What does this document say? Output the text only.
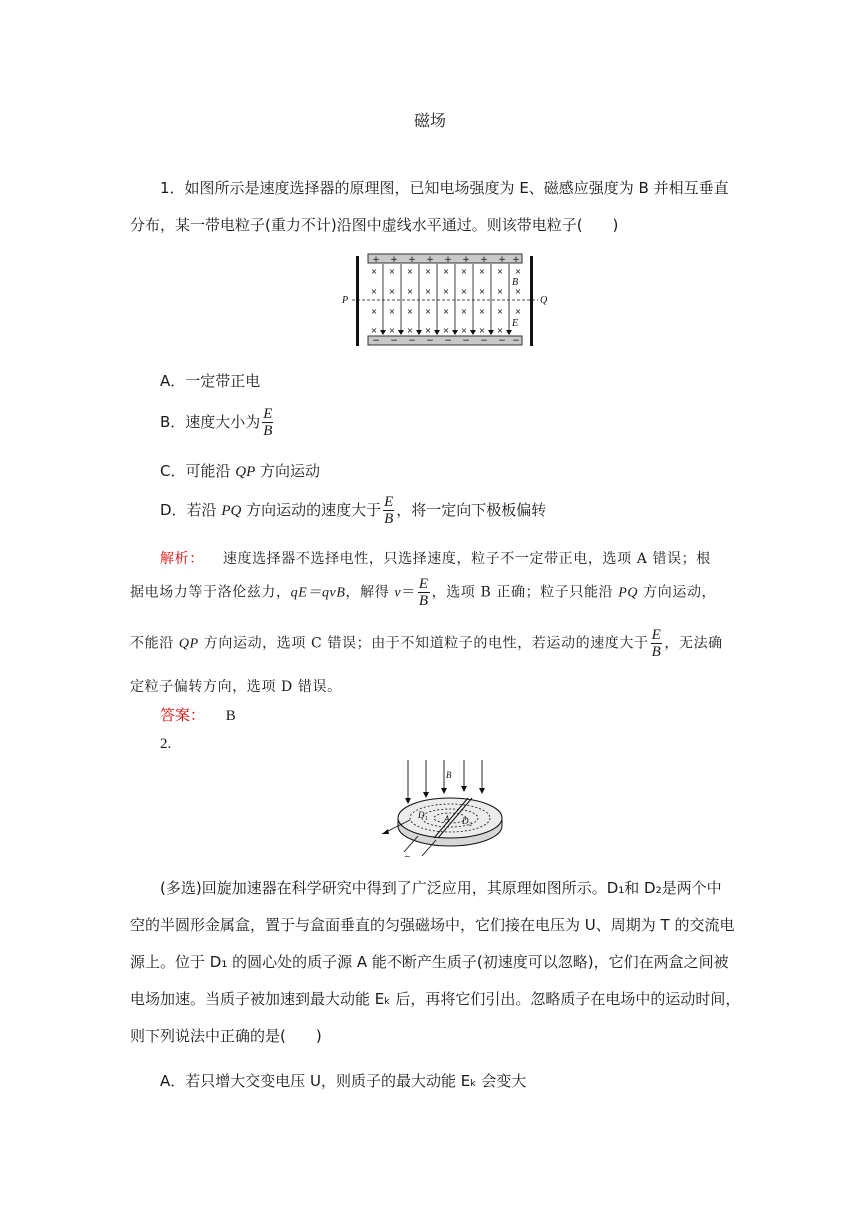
磁场
1．如图所示是速度选择器的原理图，已知电场强度为 E、磁感应强度为 B 并相互垂直
分布，某一带电粒子(重力不计)沿图中虚线水平通过。则该带电粒子(　　)
+ + + + + + + + +
− − − − − − − − −
× × × × × × × × ×
× × × × × × × × ×
× × × × × × × × ×
× × × × × × × ×
P	Q
B
E
A．一定带正电
B．速度大小为 $\frac{E}{B}$
C．可能沿 QP 方向运动
D．若沿 PQ 方向运动的速度大于 $\frac{E}{B}$ ，将一定向下极板偏转
解析： 速度选择器不选择电性，只选择速度，粒子不一定带正电，选项 A 错误；根
据电场力等于洛伦兹力，qE＝qvB，解得 $v= \frac{E}{B}$ ，选项 B 正确；粒子只能沿 PQ 方向运动，
不能沿 QP 方向运动，选项 C 错误；由于不知道粒子的电性，若运动的速度大于 $\frac{E}{B}$ ，无法确
定粒子偏转方向，选项 D 错误。
答案： B
2.
B
A
D
D
1
2
~
(多选)回旋加速器在科学研究中得到了广泛应用，其原理如图所示。D₁和 D₂是两个中
空的半圆形金属盒，置于与盒面垂直的匀强磁场中，它们接在电压为 U、周期为 T 的交流电
源上。位于 D₁ 的圆心处的质子源 A 能不断产生质子(初速度可以忽略)，它们在两盒之间被
电场加速。当质子被加速到最大动能 Eₖ 后，再将它们引出。忽略质子在电场中的运动时间，
则下列说法中正确的是(　　)
A．若只增大交变电压 U，则质子的最大动能 Eₖ 会变大
